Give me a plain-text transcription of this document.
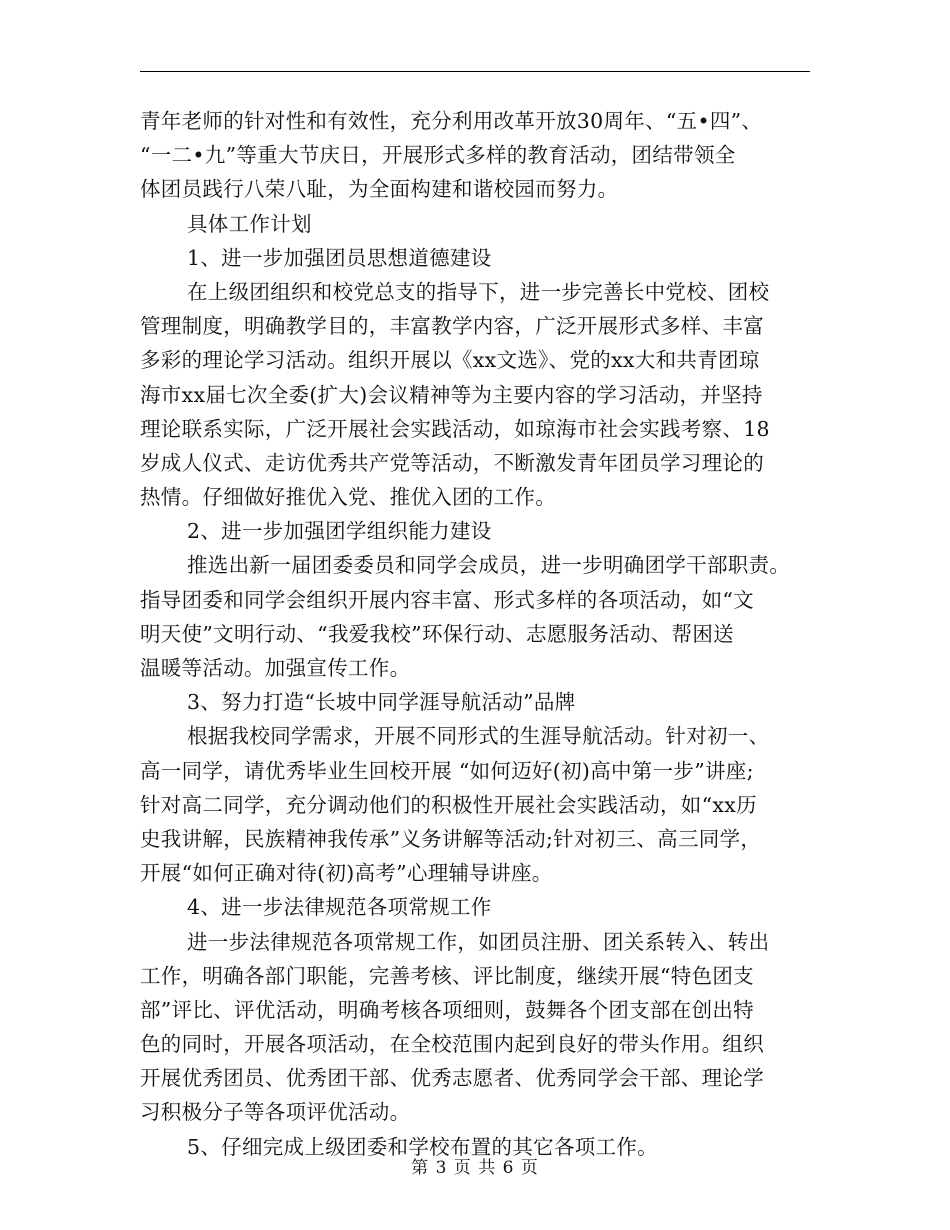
青年老师的针对性和有效性，充分利用改革开放30周年、“五•四”、
“一二•九”等重大节庆日，开展形式多样的教育活动，团结带领全
体团员践行八荣八耻，为全面构建和谐校园而努力。
具体工作计划
1、进一步加强团员思想道德建设
在上级团组织和校党总支的指导下，进一步完善长中党校、团校
管理制度，明确教学目的，丰富教学内容，广泛开展形式多样、丰富
多彩的理论学习活动。组织开展以《xx文选》、党的xx大和共青团琼
海市xx届七次全委(扩大)会议精神等为主要内容的学习活动，并坚持
理论联系实际，广泛开展社会实践活动，如琼海市社会实践考察、18
岁成人仪式、走访优秀共产党等活动，不断激发青年团员学习理论的
热情。仔细做好推优入党、推优入团的工作。
2、进一步加强团学组织能力建设
推选出新一届团委委员和同学会成员，进一步明确团学干部职责。
指导团委和同学会组织开展内容丰富、形式多样的各项活动，如“文
明天使”文明行动、“我爱我校”环保行动、志愿服务活动、帮困送
温暖等活动。加强宣传工作。
3、努力打造“长坡中同学涯导航活动”品牌
根据我校同学需求，开展不同形式的生涯导航活动。针对初一、
高一同学，请优秀毕业生回校开展 “如何迈好(初)高中第一步”讲座;
针对高二同学，充分调动他们的积极性开展社会实践活动，如“xx历
史我讲解，民族精神我传承”义务讲解等活动;针对初三、高三同学，
开展“如何正确对待(初)高考”心理辅导讲座。
4、进一步法律规范各项常规工作
进一步法律规范各项常规工作，如团员注册、团关系转入、转出
工作，明确各部门职能，完善考核、评比制度，继续开展“特色团支
部”评比、评优活动，明确考核各项细则，鼓舞各个团支部在创出特
色的同时，开展各项活动，在全校范围内起到良好的带头作用。组织
开展优秀团员、优秀团干部、优秀志愿者、优秀同学会干部、理论学
习积极分子等各项评优活动。
5、仔细完成上级团委和学校布置的其它各项工作。
第 3 页 共 6 页
